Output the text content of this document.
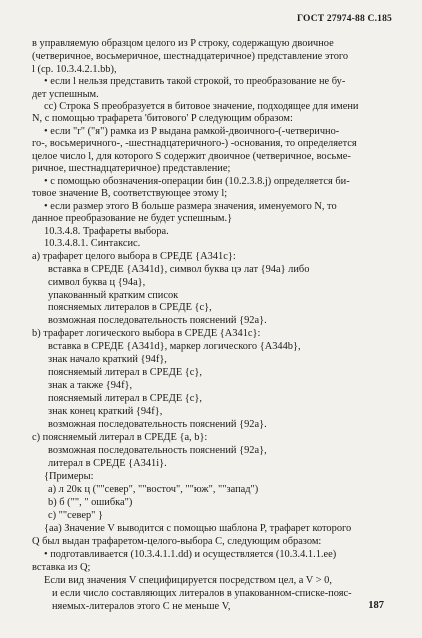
ГОСТ 27974-88 С.185
в управляемую образцом целого из P строку, содержащую двоичное
(четверичное, восьмеричное, шестнадцатеричное) представление этого
l (cp. 10.3.4.2.1.bb),
• если l нельзя представить такой строкой, то преобразование не бу-
дет успешным.
cc) Строка S преобразуется в битовое значение, подходящее для имени
N, с помощью трафарета 'битового' P следующим образом:
• если "r" ("я") рамка из P выдана рамкой-двоичного-(-четверично-
го-, восьмеричного-, -шестнадцатеричного-) -основания, то определяется
целое число l, для которого S содержит двоичное (четверичное, восьме-
ричное, шестнадцатеричное) представление;
• с помощью обозначения-операции бин (10.2.3.8.j) определяется би-
товое значение B, соответствующее этому l;
• если размер этого B больше размера значения, именуемого N, то
данное преобразование не будет успешным.}
10.3.4.8. Трафареты выбора.
10.3.4.8.1. Синтаксис.
a) трафарет целого выбора в СРЕДЕ {A341c}:
вставка в СРЕДЕ {A341d}, символ буква цэ лат {94a} либо
символ буква ц {94a},
упакованный кратким список
поясняемых литералов в СРЕДЕ {c},
возможная последовательность пояснений {92a}.
b) трафарет логического выбора в СРЕДЕ {A341c}:
вставка в СРЕДЕ {A341d}, маркер логического {A344b},
знак начало краткий {94f},
поясняемый литерал в СРЕДЕ {c},
знак а также {94f},
поясняемый литерал в СРЕДЕ {c},
знак конец краткий {94f},
возможная последовательность пояснений {92a}.
c) поясняемый литерал в СРЕДЕ {a, b}:
возможная последовательность пояснений {92a},
литерал в СРЕДЕ {A341i}.
{Примеры:
a) л 20к ц (""север", ""восточ", ""юж", ""запад")
b) б ("", " ошибка")
c) ""север" }
{aa) Значение V выводится с помощью шаблона P, трафарет которого
Q был выдан трафаретом-целого-выбора C, следующим образом:
• подготавливается (10.3.4.1.1.dd) и осуществляется (10.3.4.1.1.ee)
вставка из Q;
Если вид значения V специфицируется посредством цел, a V > 0,
и если число составляющих литералов в упакованном-списке-пояс-
няемых-литералов этого C не меньше V,	187
